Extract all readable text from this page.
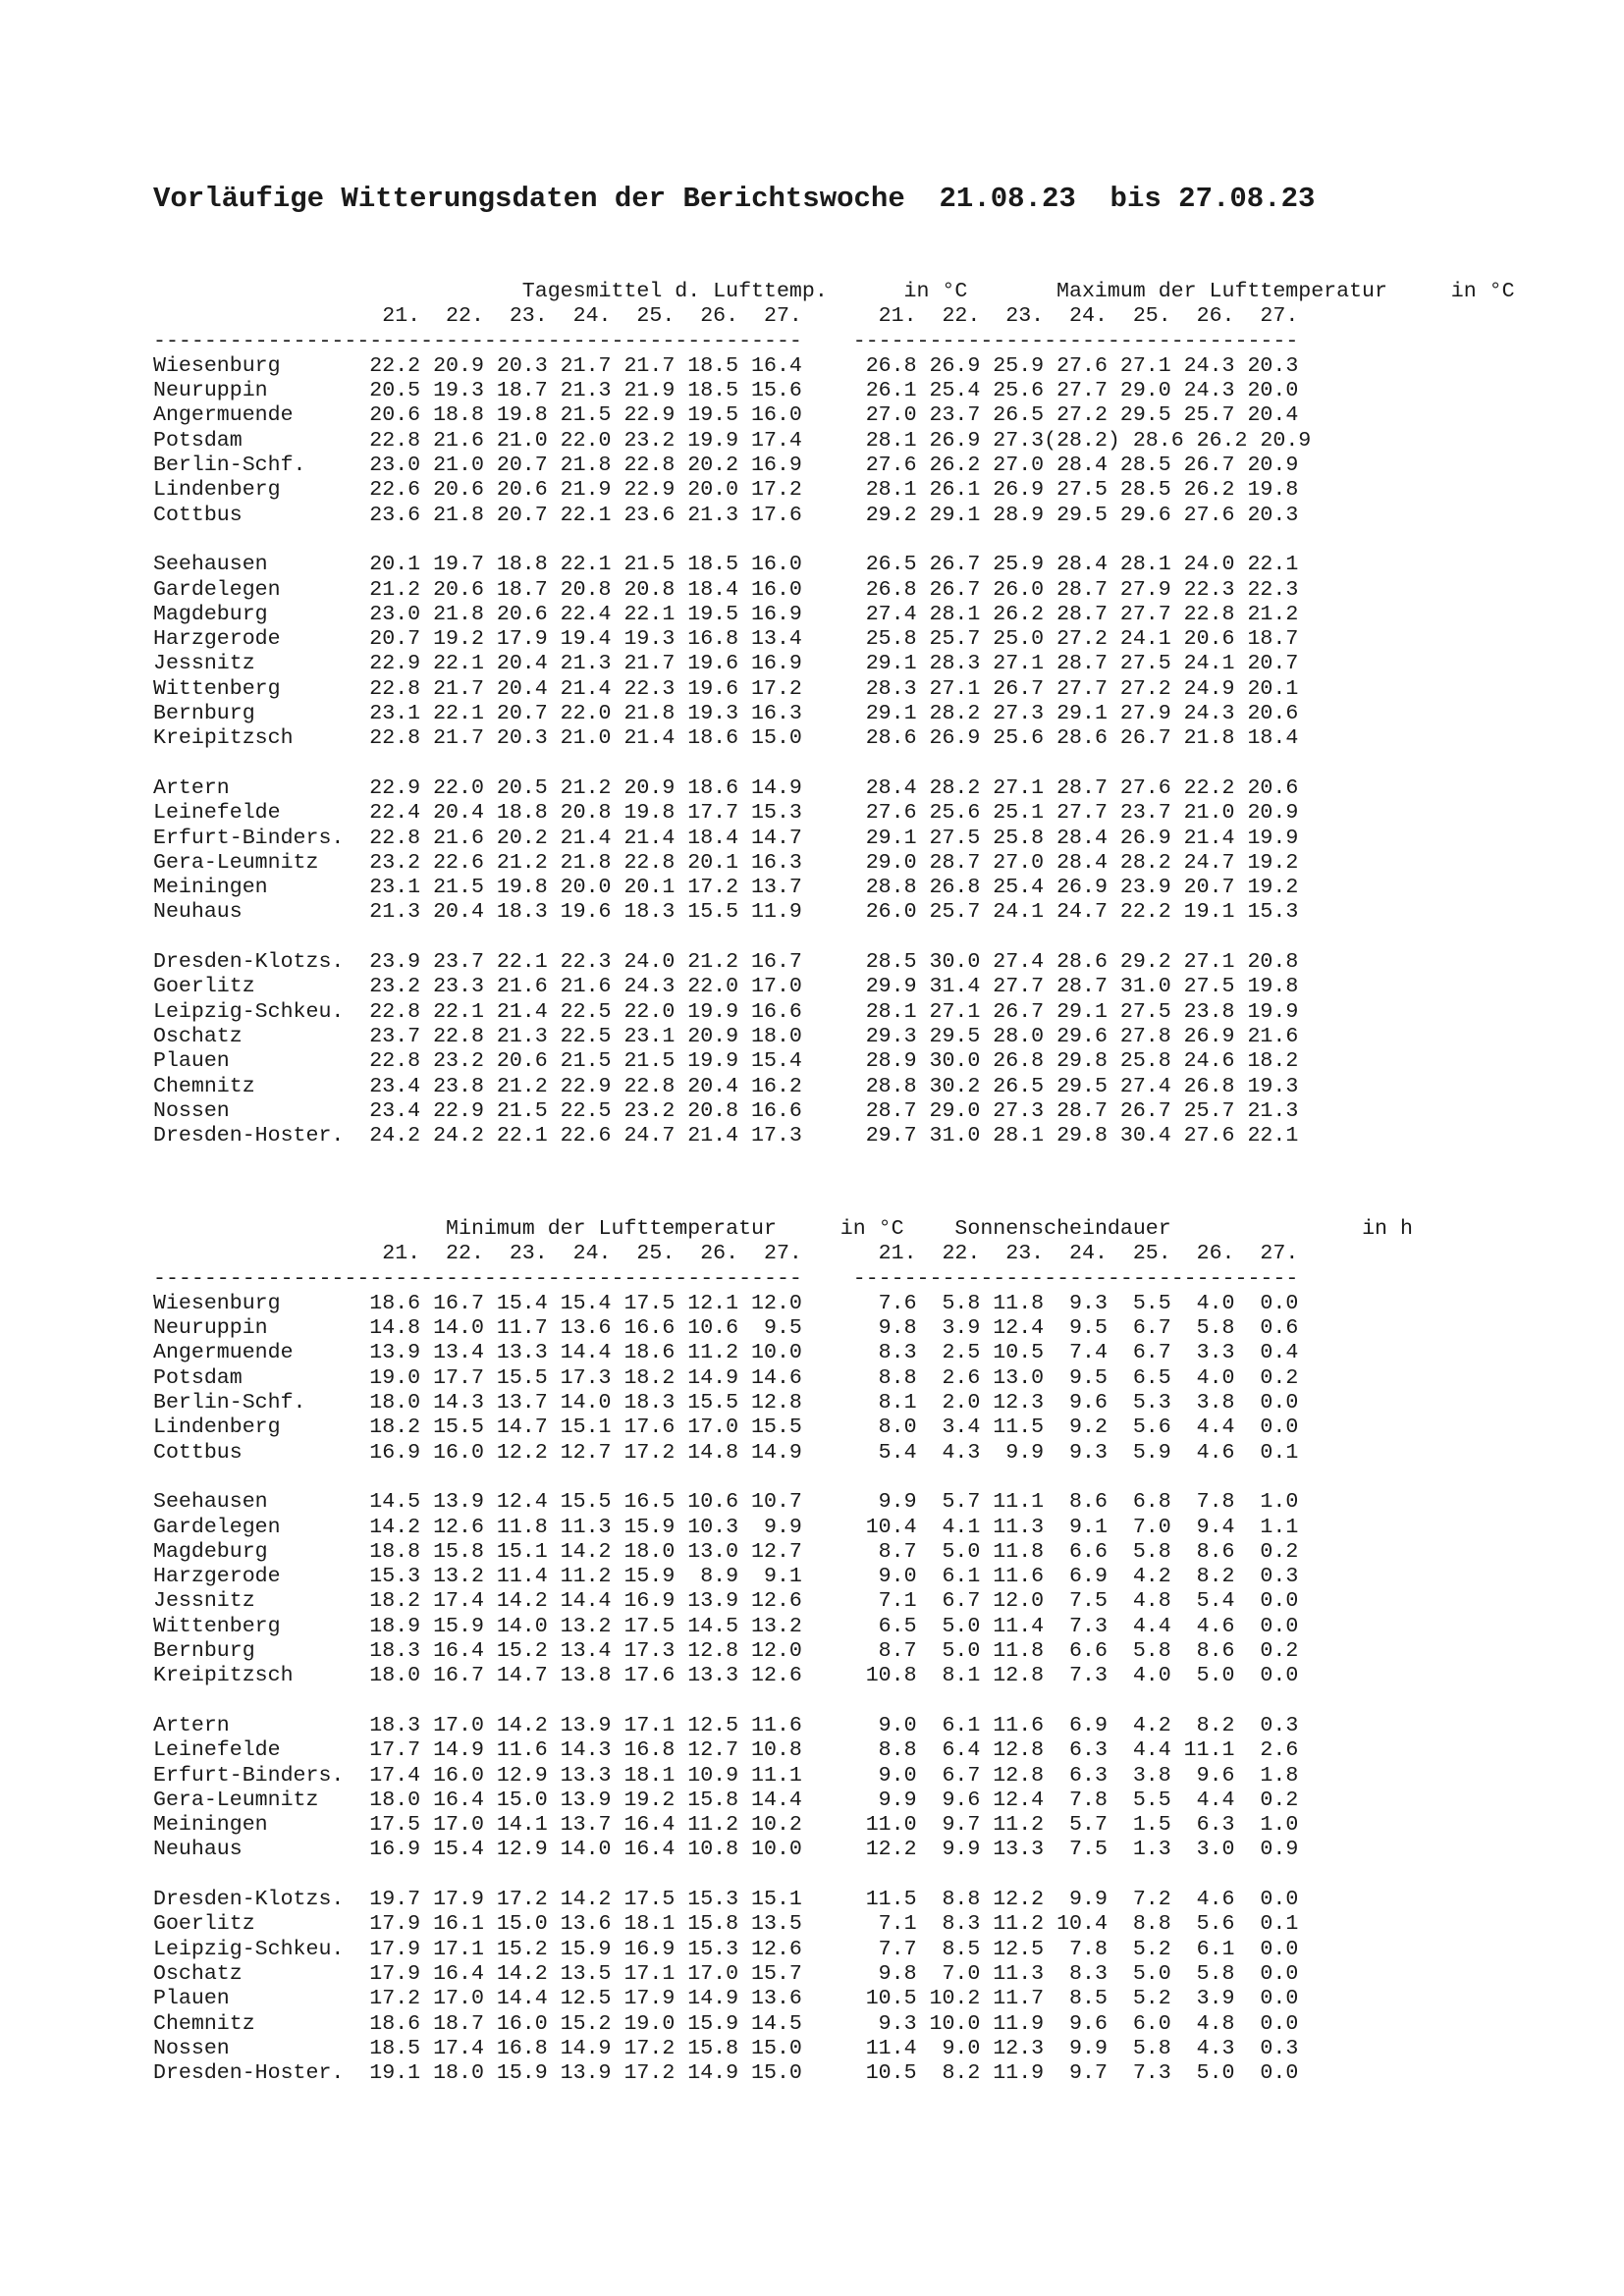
Vorläufige Witterungsdaten der Berichtswoche  21.08.23  bis 27.08.23
Tagesmittel d. Lufttemp.      in °C       Maximum der Lufttemperatur     in °C
21.  22.  23.  24.  25.  26.  27.      21.  22.  23.  24.  25.  26.  27.
--------------------------------------------------- -----------------------------------
Wiesenburg       22.2 20.9 20.3 21.7 21.7 18.5 16.4     26.8 26.9 25.9 27.6 27.1 24.3 20.3
Neuruppin        20.5 19.3 18.7 21.3 21.9 18.5 15.6     26.1 25.4 25.6 27.7 29.0 24.3 20.0
Angermuende      20.6 18.8 19.8 21.5 22.9 19.5 16.0     27.0 23.7 26.5 27.2 29.5 25.7 20.4
Potsdam          22.8 21.6 21.0 22.0 23.2 19.9 17.4     28.1 26.9 27.3(28.2) 28.6 26.2 20.9
Berlin-Schf.     23.0 21.0 20.7 21.8 22.8 20.2 16.9     27.6 26.2 27.0 28.4 28.5 26.7 20.9
Lindenberg       22.6 20.6 20.6 21.9 22.9 20.0 17.2     28.1 26.1 26.9 27.5 28.5 26.2 19.8
Cottbus          23.6 21.8 20.7 22.1 23.6 21.3 17.6     29.2 29.1 28.9 29.5 29.6 27.6 20.3
Seehausen        20.1 19.7 18.8 22.1 21.5 18.5 16.0     26.5 26.7 25.9 28.4 28.1 24.0 22.1
Gardelegen       21.2 20.6 18.7 20.8 20.8 18.4 16.0     26.8 26.7 26.0 28.7 27.9 22.3 22.3
Magdeburg        23.0 21.8 20.6 22.4 22.1 19.5 16.9     27.4 28.1 26.2 28.7 27.7 22.8 21.2
Harzgerode       20.7 19.2 17.9 19.4 19.3 16.8 13.4     25.8 25.7 25.0 27.2 24.1 20.6 18.7
Jessnitz         22.9 22.1 20.4 21.3 21.7 19.6 16.9     29.1 28.3 27.1 28.7 27.5 24.1 20.7
Wittenberg       22.8 21.7 20.4 21.4 22.3 19.6 17.2     28.3 27.1 26.7 27.7 27.2 24.9 20.1
Bernburg         23.1 22.1 20.7 22.0 21.8 19.3 16.3     29.1 28.2 27.3 29.1 27.9 24.3 20.6
Kreipitzsch      22.8 21.7 20.3 21.0 21.4 18.6 15.0     28.6 26.9 25.6 28.6 26.7 21.8 18.4
Artern           22.9 22.0 20.5 21.2 20.9 18.6 14.9     28.4 28.2 27.1 28.7 27.6 22.2 20.6
Leinefelde       22.4 20.4 18.8 20.8 19.8 17.7 15.3     27.6 25.6 25.1 27.7 23.7 21.0 20.9
Erfurt-Binders.  22.8 21.6 20.2 21.4 21.4 18.4 14.7     29.1 27.5 25.8 28.4 26.9 21.4 19.9
Gera-Leumnitz    23.2 22.6 21.2 21.8 22.8 20.1 16.3     29.0 28.7 27.0 28.4 28.2 24.7 19.2
Meiningen        23.1 21.5 19.8 20.0 20.1 17.2 13.7     28.8 26.8 25.4 26.9 23.9 20.7 19.2
Neuhaus          21.3 20.4 18.3 19.6 18.3 15.5 11.9     26.0 25.7 24.1 24.7 22.2 19.1 15.3
Dresden-Klotzs.  23.9 23.7 22.1 22.3 24.0 21.2 16.7     28.5 30.0 27.4 28.6 29.2 27.1 20.8
Goerlitz         23.2 23.3 21.6 21.6 24.3 22.0 17.0     29.9 31.4 27.7 28.7 31.0 27.5 19.8
Leipzig-Schkeu.  22.8 22.1 21.4 22.5 22.0 19.9 16.6     28.1 27.1 26.7 29.1 27.5 23.8 19.9
Oschatz          23.7 22.8 21.3 22.5 23.1 20.9 18.0     29.3 29.5 28.0 29.6 27.8 26.9 21.6
Plauen           22.8 23.2 20.6 21.5 21.5 19.9 15.4     28.9 30.0 26.8 29.8 25.8 24.6 18.2
Chemnitz         23.4 23.8 21.2 22.9 22.8 20.4 16.2     28.8 30.2 26.5 29.5 27.4 26.8 19.3
Nossen           23.4 22.9 21.5 22.5 23.2 20.8 16.6     28.7 29.0 27.3 28.7 26.7 25.7 21.3
Dresden-Hoster.  24.2 24.2 22.1 22.6 24.7 21.4 17.3     29.7 31.0 28.1 29.8 30.4 27.6 22.1
Minimum der Lufttemperatur     in °C    Sonnenscheindauer               in h
21.  22.  23.  24.  25.  26.  27.      21.  22.  23.  24.  25.  26.  27.
--------------------------------------------------- -----------------------------------
Wiesenburg       18.6 16.7 15.4 15.4 17.5 12.1 12.0      7.6  5.8 11.8  9.3  5.5  4.0  0.0
Neuruppin        14.8 14.0 11.7 13.6 16.6 10.6  9.5      9.8  3.9 12.4  9.5  6.7  5.8  0.6
Angermuende      13.9 13.4 13.3 14.4 18.6 11.2 10.0      8.3  2.5 10.5  7.4  6.7  3.3  0.4
Potsdam          19.0 17.7 15.5 17.3 18.2 14.9 14.6      8.8  2.6 13.0  9.5  6.5  4.0  0.2
Berlin-Schf.     18.0 14.3 13.7 14.0 18.3 15.5 12.8      8.1  2.0 12.3  9.6  5.3  3.8  0.0
Lindenberg       18.2 15.5 14.7 15.1 17.6 17.0 15.5      8.0  3.4 11.5  9.2  5.6  4.4  0.0
Cottbus          16.9 16.0 12.2 12.7 17.2 14.8 14.9      5.4  4.3  9.9  9.3  5.9  4.6  0.1
Seehausen        14.5 13.9 12.4 15.5 16.5 10.6 10.7      9.9  5.7 11.1  8.6  6.8  7.8  1.0
Gardelegen       14.2 12.6 11.8 11.3 15.9 10.3  9.9     10.4  4.1 11.3  9.1  7.0  9.4  1.1
Magdeburg        18.8 15.8 15.1 14.2 18.0 13.0 12.7      8.7  5.0 11.8  6.6  5.8  8.6  0.2
Harzgerode       15.3 13.2 11.4 11.2 15.9  8.9  9.1      9.0  6.1 11.6  6.9  4.2  8.2  0.3
Jessnitz         18.2 17.4 14.2 14.4 16.9 13.9 12.6      7.1  6.7 12.0  7.5  4.8  5.4  0.0
Wittenberg       18.9 15.9 14.0 13.2 17.5 14.5 13.2      6.5  5.0 11.4  7.3  4.4  4.6  0.0
Bernburg         18.3 16.4 15.2 13.4 17.3 12.8 12.0      8.7  5.0 11.8  6.6  5.8  8.6  0.2
Kreipitzsch      18.0 16.7 14.7 13.8 17.6 13.3 12.6     10.8  8.1 12.8  7.3  4.0  5.0  0.0
Artern           18.3 17.0 14.2 13.9 17.1 12.5 11.6      9.0  6.1 11.6  6.9  4.2  8.2  0.3
Leinefelde       17.7 14.9 11.6 14.3 16.8 12.7 10.8      8.8  6.4 12.8  6.3  4.4 11.1  2.6
Erfurt-Binders.  17.4 16.0 12.9 13.3 18.1 10.9 11.1      9.0  6.7 12.8  6.3  3.8  9.6  1.8
Gera-Leumnitz    18.0 16.4 15.0 13.9 19.2 15.8 14.4      9.9  9.6 12.4  7.8  5.5  4.4  0.2
Meiningen        17.5 17.0 14.1 13.7 16.4 11.2 10.2     11.0  9.7 11.2  5.7  1.5  6.3  1.0
Neuhaus          16.9 15.4 12.9 14.0 16.4 10.8 10.0     12.2  9.9 13.3  7.5  1.3  3.0  0.9
Dresden-Klotzs.  19.7 17.9 17.2 14.2 17.5 15.3 15.1     11.5  8.8 12.2  9.9  7.2  4.6  0.0
Goerlitz         17.9 16.1 15.0 13.6 18.1 15.8 13.5      7.1  8.3 11.2 10.4  8.8  5.6  0.1
Leipzig-Schkeu.  17.9 17.1 15.2 15.9 16.9 15.3 12.6      7.7  8.5 12.5  7.8  5.2  6.1  0.0
Oschatz          17.9 16.4 14.2 13.5 17.1 17.0 15.7      9.8  7.0 11.3  8.3  5.0  5.8  0.0
Plauen           17.2 17.0 14.4 12.5 17.9 14.9 13.6     10.5 10.2 11.7  8.5  5.2  3.9  0.0
Chemnitz         18.6 18.7 16.0 15.2 19.0 15.9 14.5      9.3 10.0 11.9  9.6  6.0  4.8  0.0
Nossen           18.5 17.4 16.8 14.9 17.2 15.8 15.0     11.4  9.0 12.3  9.9  5.8  4.3  0.3
Dresden-Hoster.  19.1 18.0 15.9 13.9 17.2 14.9 15.0     10.5  8.2 11.9  9.7  7.3  5.0  0.0
